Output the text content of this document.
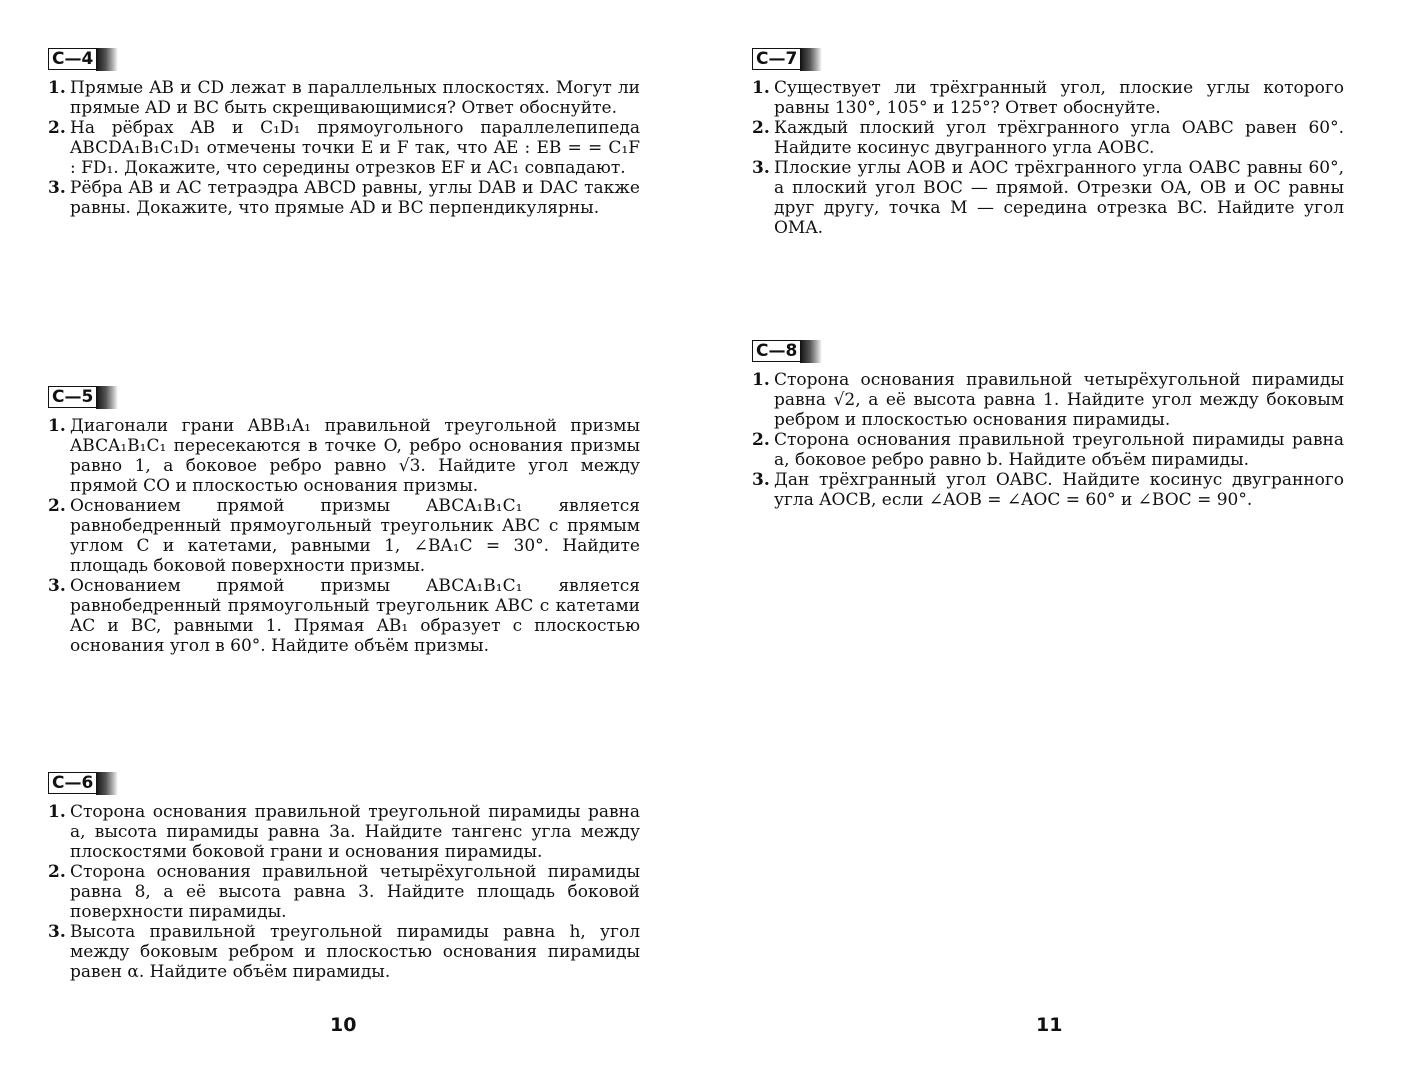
С—4
1. Прямые AB и CD лежат в параллельных плоскостях. Могут ли прямые AD и BC быть скрещивающимися? Ответ обоснуйте.
2. На рёбрах AB и C₁D₁ прямоугольного параллелепипеда ABCDA₁B₁C₁D₁ отмечены точки E и F так, что AE : EB = = C₁F : FD₁. Докажите, что середины отрезков EF и AC₁ совпадают.
3. Рёбра AB и AC тетраэдра ABCD равны, углы DAB и DAC также равны. Докажите, что прямые AD и BC перпендикулярны.
С—5
1. Диагонали грани ABB₁A₁ правильной треугольной призмы ABCA₁B₁C₁ пересекаются в точке O, ребро основания призмы равно 1, а боковое ребро равно √3. Найдите угол между прямой CO и плоскостью основания призмы.
2. Основанием прямой призмы ABCA₁B₁C₁ является равнобедренный прямоугольный треугольник ABC с прямым углом C и катетами, равными 1, ∠BA₁C = 30°. Найдите площадь боковой поверхности призмы.
3. Основанием прямой призмы ABCA₁B₁C₁ является равнобедренный прямоугольный треугольник ABC с катетами AC и BC, равными 1. Прямая AB₁ образует с плоскостью основания угол в 60°. Найдите объём призмы.
С—6
1. Сторона основания правильной треугольной пирамиды равна a, высота пирамиды равна 3a. Найдите тангенс угла между плоскостями боковой грани и основания пирамиды.
2. Сторона основания правильной четырёхугольной пирамиды равна 8, а её высота равна 3. Найдите площадь боковой поверхности пирамиды.
3. Высота правильной треугольной пирамиды равна h, угол между боковым ребром и плоскостью основания пирамиды равен α. Найдите объём пирамиды.
10
С—7
1. Существует ли трёхгранный угол, плоские углы которого равны 130°, 105° и 125°? Ответ обоснуйте.
2. Каждый плоский угол трёхгранного угла OABC равен 60°. Найдите косинус двугранного угла AOBC.
3. Плоские углы AOB и AOC трёхгранного угла OABC равны 60°, а плоский угол BOC — прямой. Отрезки OA, OB и OC равны друг другу, точка M — середина отрезка BC. Найдите угол OMA.
С—8
1. Сторона основания правильной четырёхугольной пирамиды равна √2, а её высота равна 1. Найдите угол между боковым ребром и плоскостью основания пирамиды.
2. Сторона основания правильной треугольной пирамиды равна a, боковое ребро равно b. Найдите объём пирамиды.
3. Дан трёхгранный угол OABC. Найдите косинус двугранного угла AOCB, если ∠AOB = ∠AOC = 60° и ∠BOC = 90°.
11
